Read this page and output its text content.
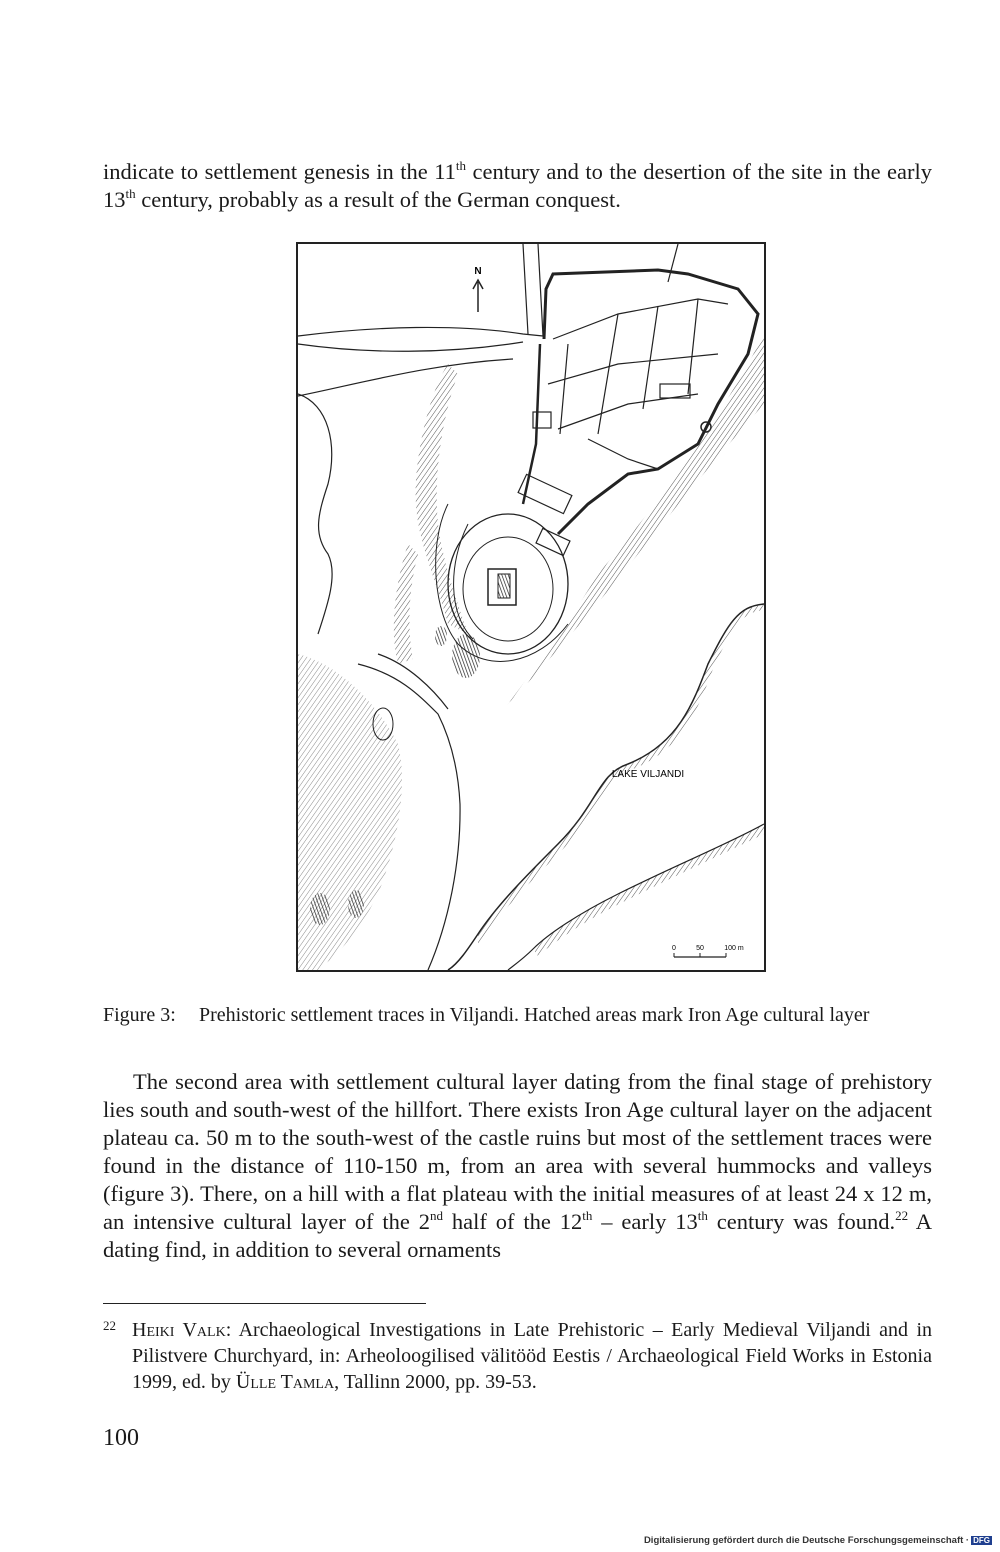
indicate to settlement genesis in the 11th century and to the desertion of the site in the early 13th century, probably as a result of the German conquest.

N
LAKE VILJANDI
0	50	100 m
Figure 3: Prehistoric settlement traces in Viljandi. Hatched areas mark Iron Age cultural layer

The second area with settlement cultural layer dating from the final stage of prehistory lies south and south-west of the hillfort. There exists Iron Age cultural layer on the adjacent plateau ca. 50 m to the south-west of the castle ruins but most of the settlement traces were found in the distance of 110-150 m, from an area with several hummocks and valleys (figure 3). There, on a hill with a flat plateau with the initial measures of at least 24 x 12 m, an intensive cultural layer of the 2nd half of the 12th – early 13th century was found.$^{22}$ A dating find, in addition to several ornaments

22 Heiki Valk: Archaeological Investigations in Late Prehistoric – Early Medieval Viljandi and in Pilistvere Churchyard, in: Arheoloogilised välitööd Eestis / Archaeological Field Works in Estonia 1999, ed. by Ülle Tamla, Tallinn 2000, pp. 39-53.
100
Digitalisierung gefördert durch die Deutsche Forschungsgemeinschaft · DFG
